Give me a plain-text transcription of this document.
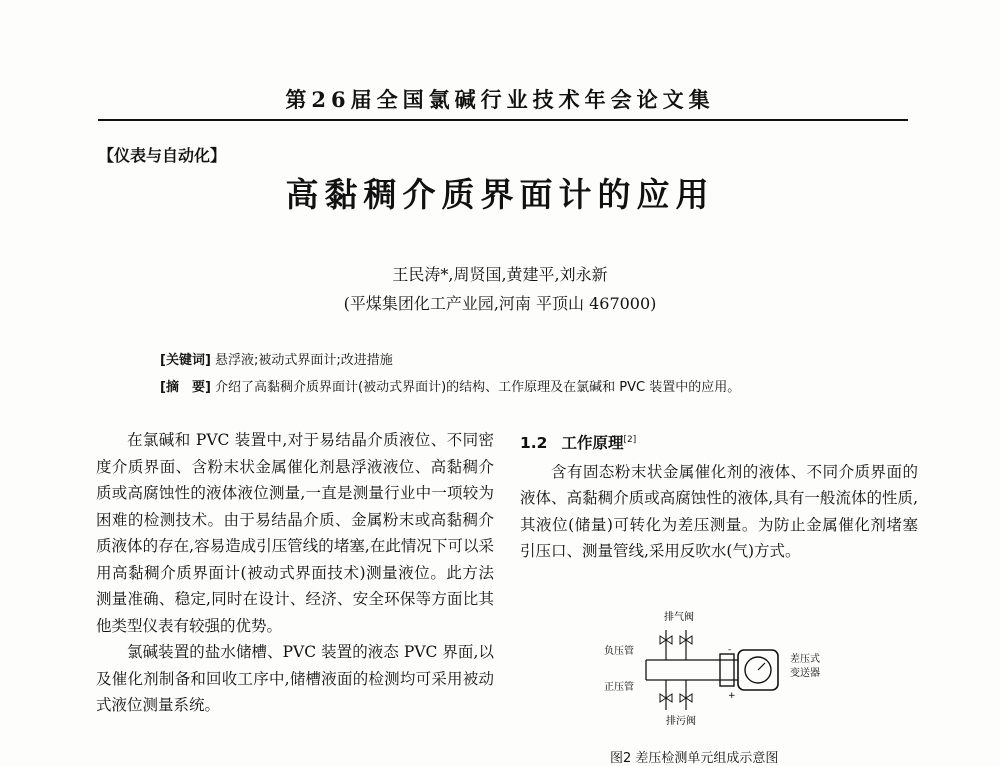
第26届全国氯碱行业技术年会论文集
【仪表与自动化】
高黏稠介质界面计的应用
王民涛*,周贤国,黄建平,刘永新
(平煤集团化工产业园,河南 平顶山 467000)
[关键词] 悬浮液;被动式界面计;改进措施
[摘　要] 介绍了高黏稠介质界面计(被动式界面计)的结构、工作原理及在氯碱和 PVC 装置中的应用。

在氯碱和 PVC 装置中,对于易结晶介质液位、不同密度介质界面、含粉末状金属催化剂悬浮液液位、高黏稠介质或高腐蚀性的液体液位测量,一直是测量行业中一项较为困难的检测技术。由于易结晶介质、金属粉末或高黏稠介质液体的存在,容易造成引压管线的堵塞,在此情况下可以采用高黏稠介质界面计(被动式界面技术)测量液位。此方法测量准确、稳定,同时在设计、经济、安全环保等方面比其他类型仪表有较强的优势。

氯碱装置的盐水储槽、PVC 装置的液态 PVC 界面,以及催化剂制备和回收工序中,储槽液面的检测均可采用被动式液位测量系统。

1.2 工作原理[2]

含有固态粉末状金属催化剂的液体、不同介质界面的液体、高黏稠介质或高腐蚀性的液体,具有一般流体的性质,其液位(储量)可转化为差压测量。为防止金属催化剂堵塞引压口、测量管线,采用反吹水(气)方式。

排气阀
负压管
正压管
排污阀
差压式
变送器
-
+
图2 差压检测单元组成示意图
